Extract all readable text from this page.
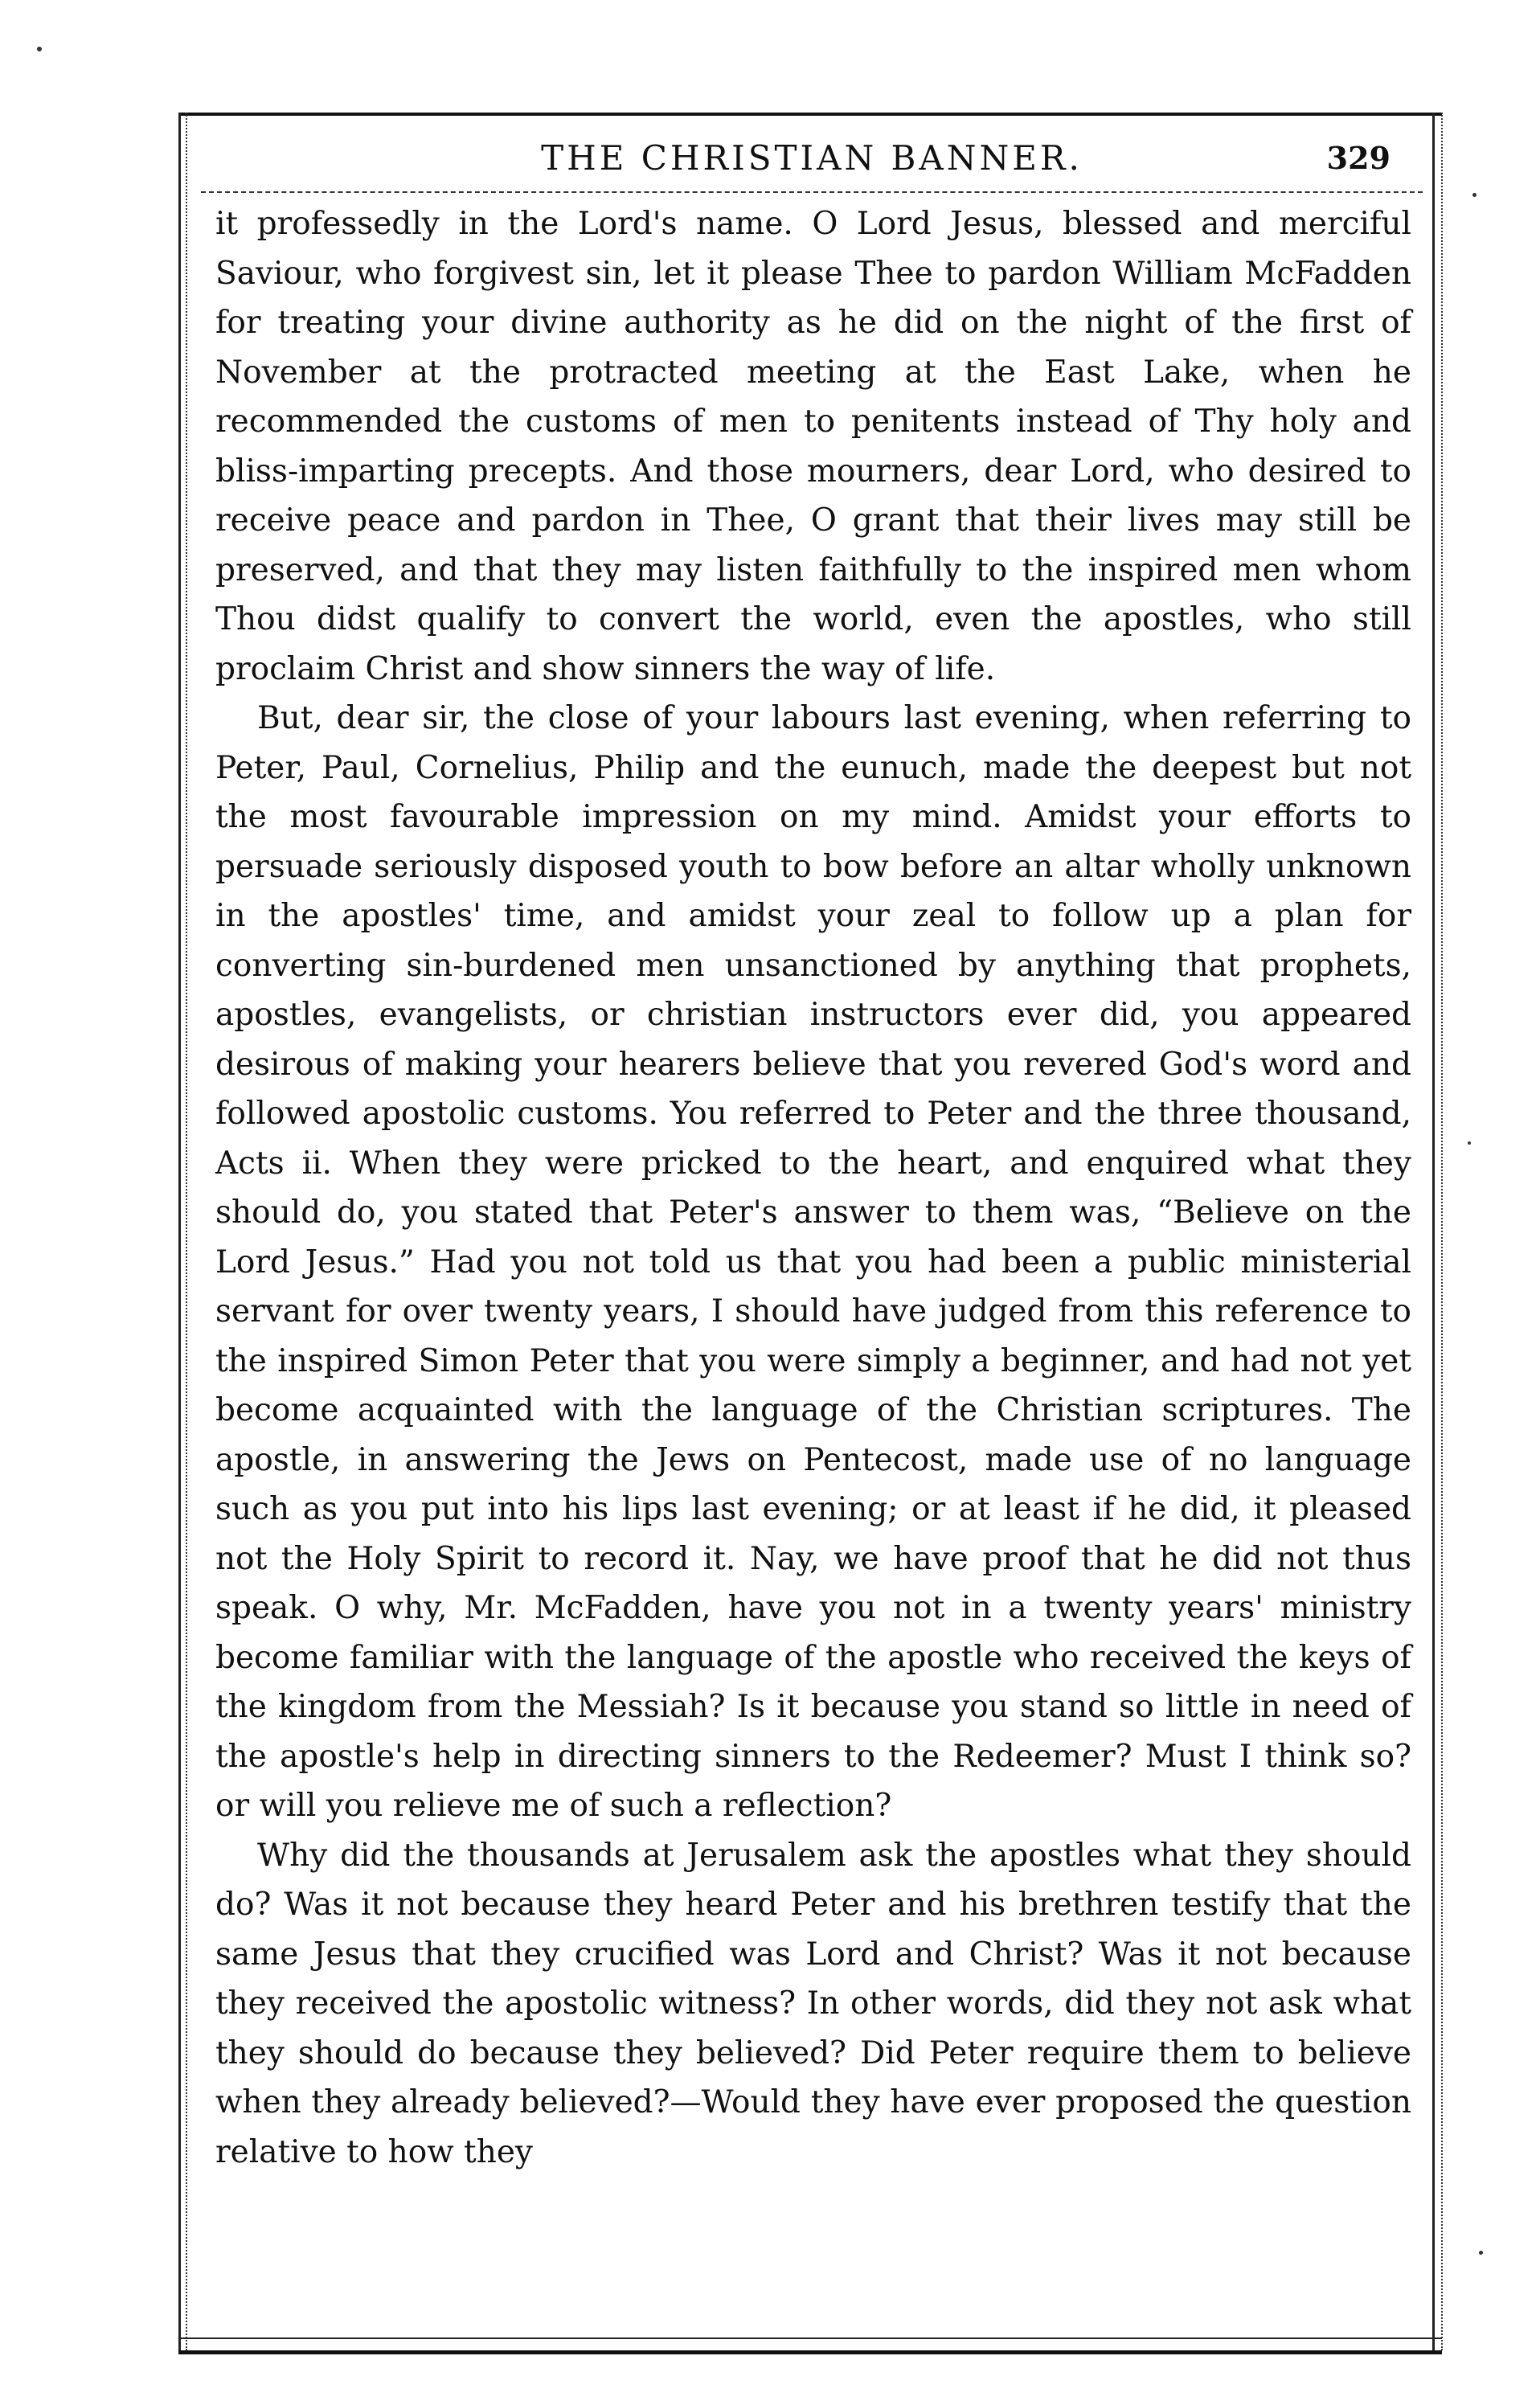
THE CHRISTIAN BANNER.	329

it professedly in the Lord's name. O Lord Jesus, blessed and merciful Saviour, who forgivest sin, let it please Thee to pardon William McFadden for treating your divine authority as he did on the night of the first of November at the protracted meeting at the East Lake, when he recommended the customs of men to penitents instead of Thy holy and bliss-imparting precepts. And those mourners, dear Lord, who desired to receive peace and pardon in Thee, O grant that their lives may still be preserved, and that they may listen faithfully to the inspired men whom Thou didst qualify to convert the world, even the apostles, who still proclaim Christ and show sinners the way of life.

But, dear sir, the close of your labours last evening, when referring to Peter, Paul, Cornelius, Philip and the eunuch, made the deepest but not the most favourable impression on my mind. Amidst your efforts to persuade seriously disposed youth to bow before an altar wholly unknown in the apostles' time, and amidst your zeal to follow up a plan for converting sin-burdened men unsanctioned by anything that prophets, apostles, evangelists, or christian instructors ever did, you appeared desirous of making your hearers believe that you revered God's word and followed apostolic customs. You referred to Peter and the three thousand, Acts ii. When they were pricked to the heart, and enquired what they should do, you stated that Peter's answer to them was, “Believe on the Lord Jesus.” Had you not told us that you had been a public ministerial servant for over twenty years, I should have judged from this reference to the inspired Simon Peter that you were simply a beginner, and had not yet become acquainted with the language of the Christian scriptures. The apostle, in answering the Jews on Pentecost, made use of no language such as you put into his lips last evening; or at least if he did, it pleased not the Holy Spirit to record it. Nay, we have proof that he did not thus speak. O why, Mr. McFadden, have you not in a twenty years' ministry become familiar with the language of the apostle who received the keys of the kingdom from the Messiah? Is it because you stand so little in need of the apostle's help in directing sinners to the Redeemer? Must I think so? or will you relieve me of such a reflection?

Why did the thousands at Jerusalem ask the apostles what they should do? Was it not because they heard Peter and his brethren testify that the same Jesus that they crucified was Lord and Christ? Was it not because they received the apostolic witness? In other words, did they not ask what they should do because they believed? Did Peter require them to believe when they already believed?—Would they have ever proposed the question relative to how they
